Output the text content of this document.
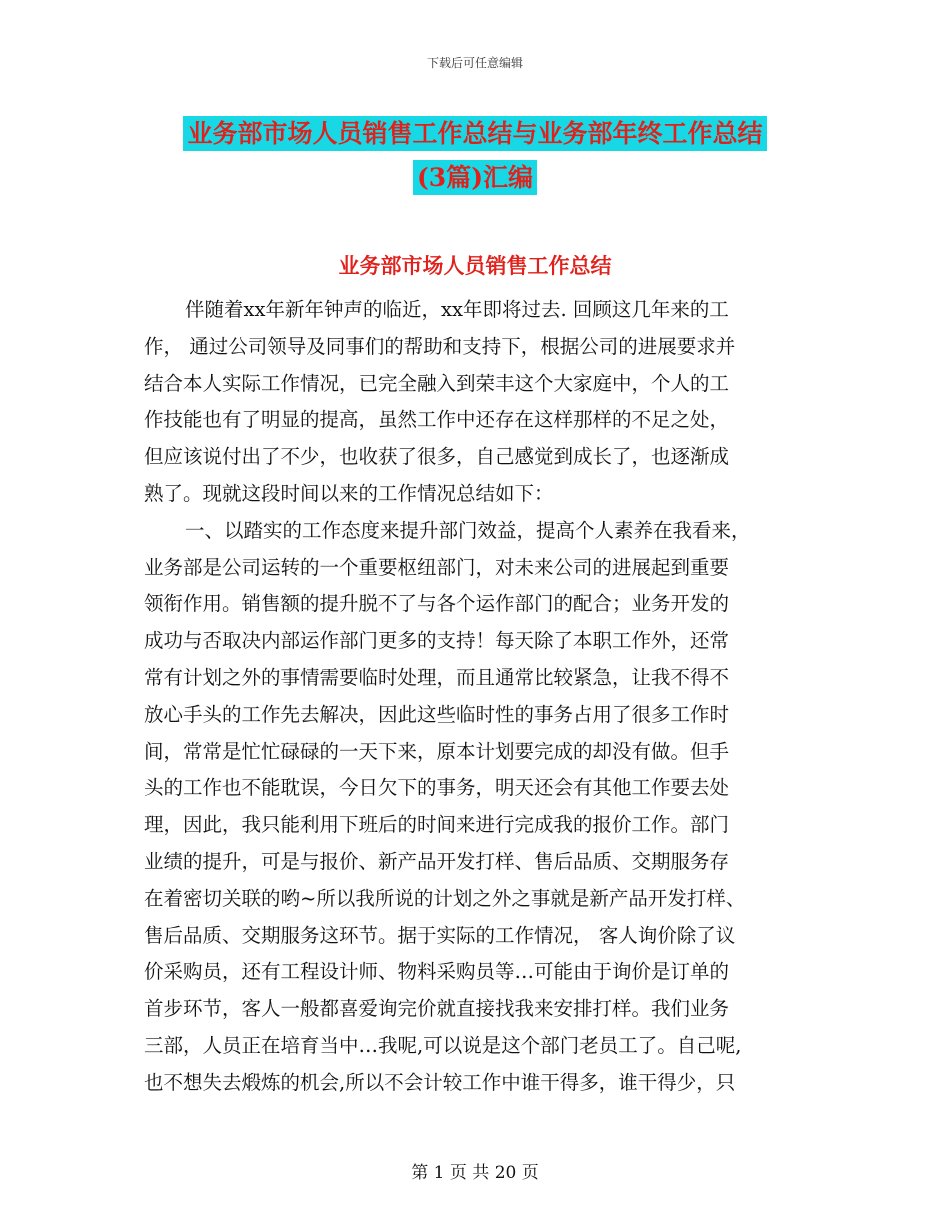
下载后可任意编辑
业务部市场人员销售工作总结与业务部年终工作总结
(3篇)汇编
业务部市场人员销售工作总结

伴随着xx年新年钟声的临近，xx年即将过去. 回顾这几年来的工

作， 通过公司领导及同事们的帮助和支持下，根据公司的进展要求并

结合本人实际工作情况，已完全融入到荣丰这个大家庭中，个人的工

作技能也有了明显的提高，虽然工作中还存在这样那样的不足之处，

但应该说付出了不少，也收获了很多，自己感觉到成长了，也逐渐成

熟了。现就这段时间以来的工作情况总结如下：

一、以踏实的工作态度来提升部门效益，提高个人素养在我看来，

业务部是公司运转的一个重要枢纽部门，对未来公司的进展起到重要

领衔作用。销售额的提升脱不了与各个运作部门的配合；业务开发的

成功与否取决内部运作部门更多的支持！每天除了本职工作外，还常

常有计划之外的事情需要临时处理，而且通常比较紧急，让我不得不

放心手头的工作先去解决，因此这些临时性的事务占用了很多工作时

间，常常是忙忙碌碌的一天下来，原本计划要完成的却没有做。但手

头的工作也不能耽误，今日欠下的事务，明天还会有其他工作要去处

理，因此，我只能利用下班后的时间来进行完成我的报价工作。部门

业绩的提升，可是与报价、新产品开发打样、售后品质、交期服务存

在着密切关联的哟~所以我所说的计划之外之事就是新产品开发打样、

售后品质、交期服务这环节。据于实际的工作情况， 客人询价除了议

价采购员，还有工程设计师、物料采购员等…可能由于询价是订单的

首步环节，客人一般都喜爱询完价就直接找我来安排打样。我们业务

三部，人员正在培育当中…我呢,可以说是这个部门老员工了。自己呢,

也不想失去煅炼的机会,所以不会计较工作中谁干得多，谁干得少，只

第 1 页 共 20 页
